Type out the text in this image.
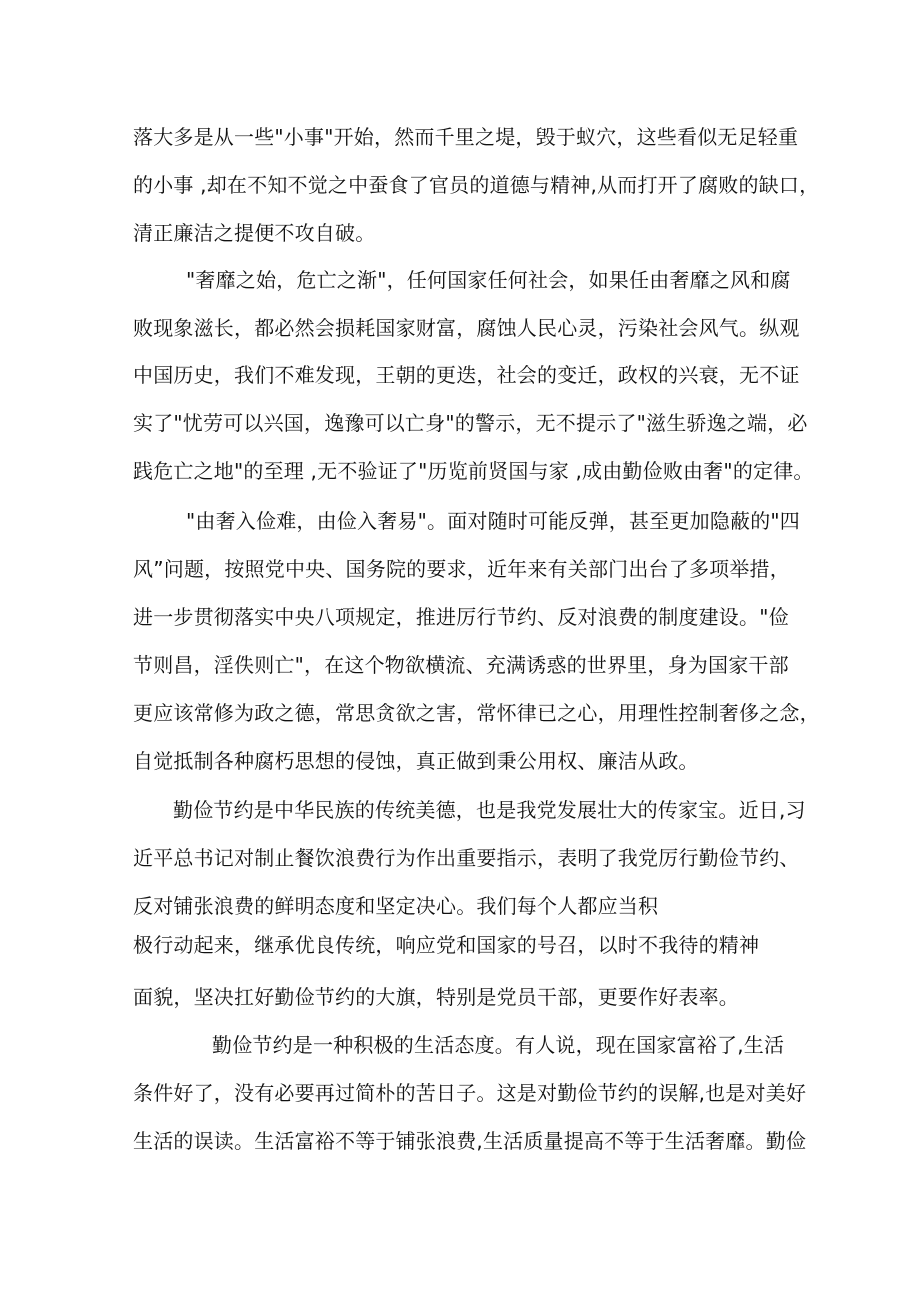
落大多是从一些"小事"开始，然而千里之堤，毁于蚁穴，这些看似无足轻重
的小事 ,却在不知不觉之中蚕食了官员的道德与精神,从而打开了腐败的缺口，
清正廉洁之提便不攻自破。
"奢靡之始，危亡之渐"，任何国家任何社会，如果任由奢靡之风和腐
败现象滋长，都必然会损耗国家财富，腐蚀人民心灵，污染社会风气。纵观
中国历史，我们不难发现，王朝的更迭，社会的变迁，政权的兴衰，无不证
实了"忧劳可以兴国，逸豫可以亡身"的警示，无不提示了"滋生骄逸之端，必
践危亡之地"的至理 ,无不验证了"历览前贤国与家 ,成由勤俭败由奢"的定律。
"由奢入俭难，由俭入奢易"。面对随时可能反弹，甚至更加隐蔽的"四
风”问题，按照党中央、国务院的要求，近年来有关部门出台了多项举措，
进一步贯彻落实中央八项规定，推进厉行节约、反对浪费的制度建设。"俭
节则昌，淫佚则亡"，在这个物欲横流、充满诱惑的世界里，身为国家干部
更应该常修为政之德，常思贪欲之害，常怀律已之心，用理性控制奢侈之念，
自觉抵制各种腐朽思想的侵蚀，真正做到秉公用权、廉洁从政。
勤俭节约是中华民族的传统美德，也是我党发展壮大的传家宝。近日,习
近平总书记对制止餐饮浪费行为作出重要指示，表明了我党厉行勤俭节约、
反对铺张浪费的鲜明态度和坚定决心。我们每个人都应当积
极行动起来，继承优良传统，响应党和国家的号召，以时不我待的精神
面貌，坚决扛好勤俭节约的大旗，特别是党员干部，更要作好表率。
勤俭节约是一种积极的生活态度。有人说，现在国家富裕了,生活
条件好了，没有必要再过简朴的苦日子。这是对勤俭节约的误解,也是对美好
生活的误读。生活富裕不等于铺张浪费,生活质量提高不等于生活奢靡。勤俭
